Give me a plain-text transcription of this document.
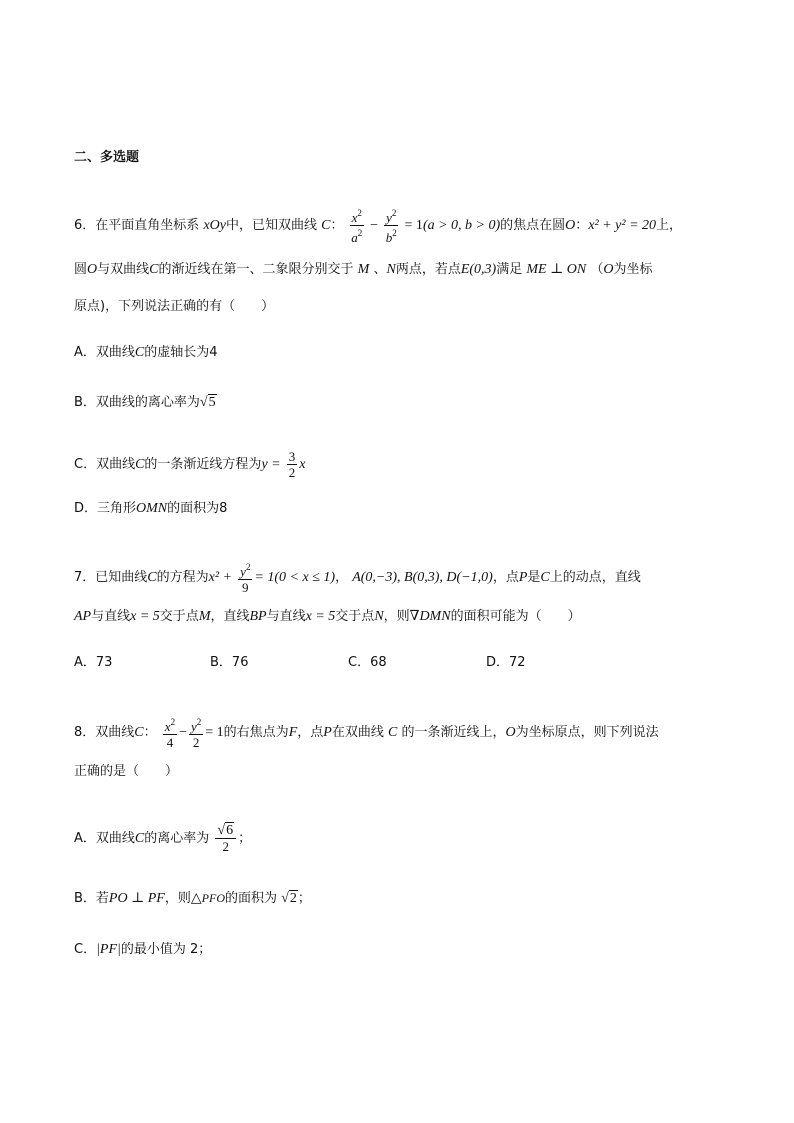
二、多选题
6．在平面直角坐标系 xOy中，已知双曲线 C： $\frac{x^2}{a^2} - \frac{y^2}{b^2} = 1(a > 0$, b > 0)的焦点在圆O：x² + y² = 20上，
圆O与双曲线C的渐近线在第一、二象限分别交于 M 、N两点，若点E(0,3)满足 ME ⊥ ON （O为坐标
原点)，下列说法正确的有（　　）
A．双曲线C的虚轴长为4
B．双曲线的离心率为√5
C．双曲线C的一条渐近线方程为$y = \frac{3}{2}$ x
D．三角形OMN的面积为8
7．已知曲线C的方程为$x^2 + \frac{y^2}{9} = 1(0 < x \le 1)$， A(0,−3), B(0,3), D(−1,0)，点P是C上的动点，直线
AP与直线x = 5交于点M，直线BP与直线x = 5交于点N，则∇DMN的面积可能为（　　）
A．73	B．76	C．68	D．72
8．双曲线C： $\frac{x^2}{4} - \frac{y^2}{2} = 1$的右焦点为F，点P在双曲线 C 的一条渐近线上，O为坐标原点，则下列说法
正确的是（　　）
A．双曲线C的离心率为 $\frac{√6}{2}$ ；
B．若PO ⊥ PF，则△PFO的面积为 √2；
C．|PF|的最小值为 2；
